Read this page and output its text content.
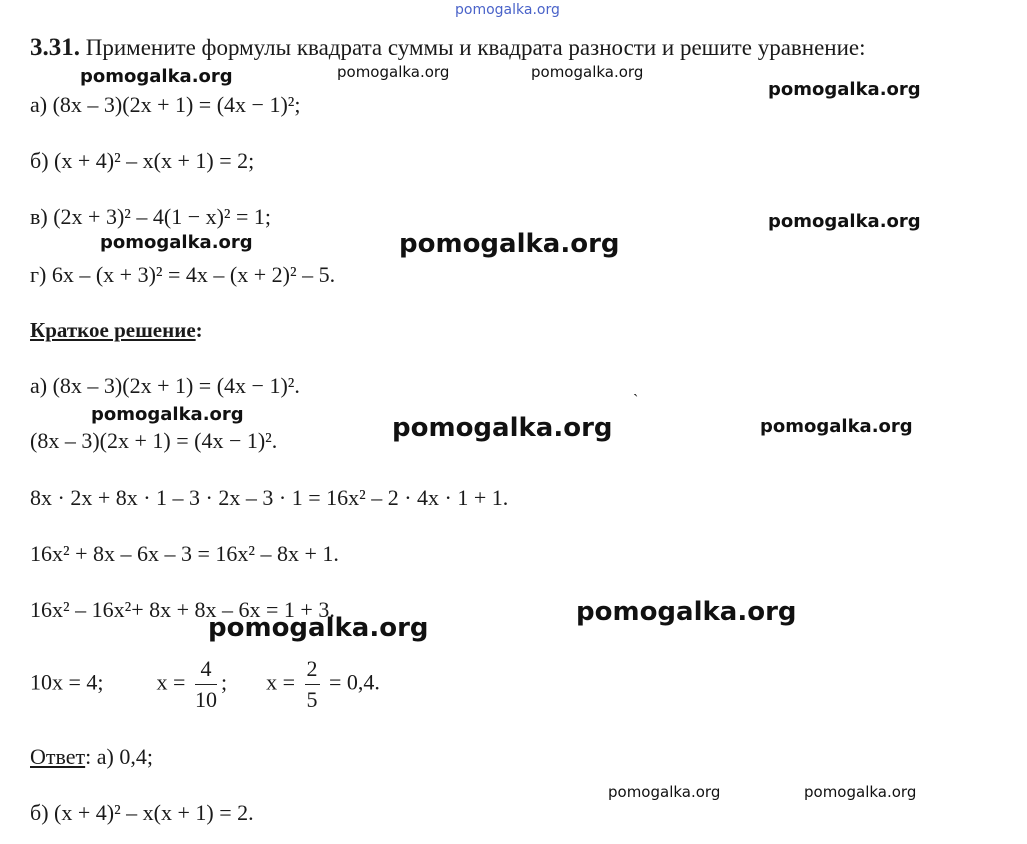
pomogalka.org
3.31. Примените формулы квадрата суммы и квадрата разности и решите уравнение:
а) (8x – 3)(2x + 1) = (4x − 1)²;
б) (x + 4)² – x(x + 1) = 2;
в) (2x + 3)² – 4(1 − x)² = 1;
г) 6x – (x + 3)² = 4x – (x + 2)² – 5.
Краткое решение:
а) (8x – 3)(2x + 1) = (4x − 1)².
`
(8x – 3)(2x + 1) = (4x − 1)².
8x · 2x + 8x · 1 – 3 · 2x – 3 · 1 = 16x² – 2 · 4x · 1 + 1.
16x² + 8x – 6x – 3 = 16x² – 8x + 1.
16x² – 16x²+ 8x + 8x – 6x = 1 + 3.
10x = 4; $x = \frac{4}{10}$ ; $x = \frac{2}{5} = 0,4$.
Ответ: а) 0,4;
б) (x + 4)² – x(x + 1) = 2.
pomogalka.org	pomogalka.org	pomogalka.org
pomogalka.org
pomogalka.org
pomogalka.org	pomogalka.org
pomogalka.org	pomogalka.org	pomogalka.org
pomogalka.org
pomogalka.org
pomogalka.org	pomogalka.org
